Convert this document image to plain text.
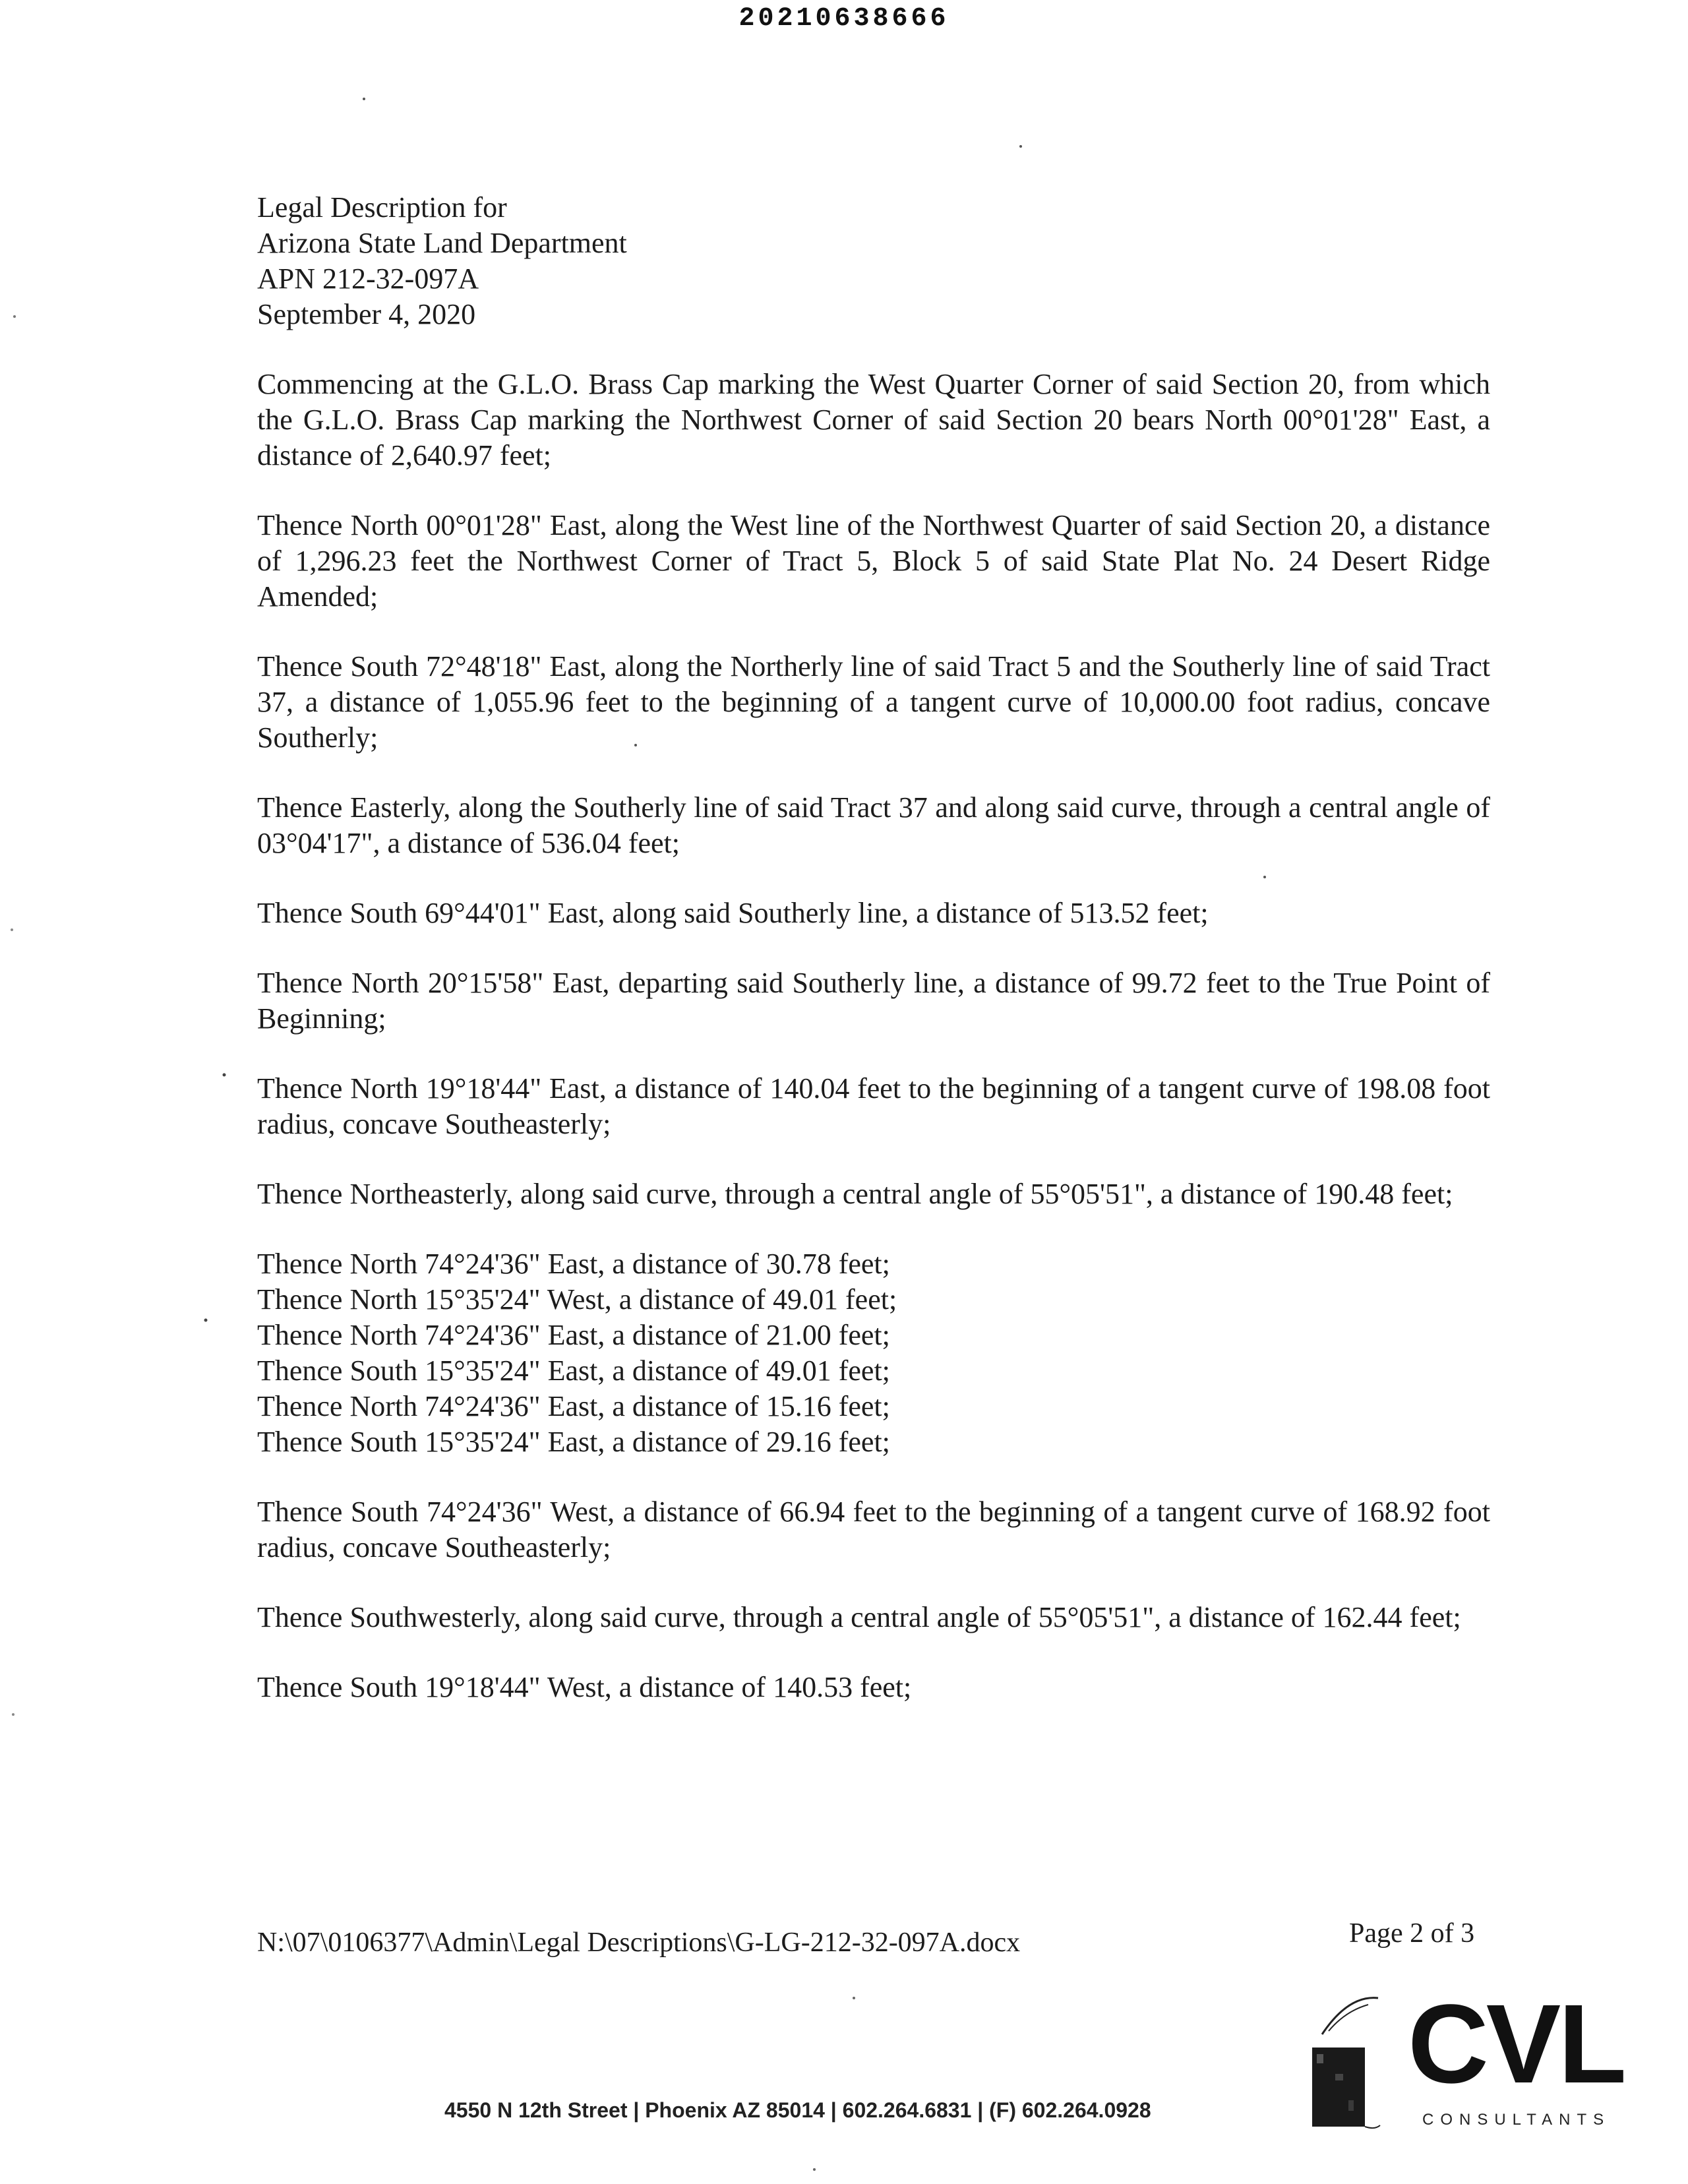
20210638666

Legal Description for

Arizona State Land Department

APN 212-32-097A

September 4, 2020

Commencing at the G.L.O. Brass Cap marking the West Quarter Corner of said Section 20, from which the G.L.O. Brass Cap marking the Northwest Corner of said Section 20 bears North 00°01'28" East, a distance of 2,640.97 feet;

Thence North 00°01'28" East, along the West line of the Northwest Quarter of said Section 20, a distance of 1,296.23 feet the Northwest Corner of Tract 5, Block 5 of said State Plat No. 24 Desert Ridge Amended;

Thence South 72°48'18" East, along the Northerly line of said Tract 5 and the Southerly line of said Tract 37, a distance of 1,055.96 feet to the beginning of a tangent curve of 10,000.00 foot radius, concave Southerly;

Thence Easterly, along the Southerly line of said Tract 37 and along said curve, through a central angle of 03°04'17", a distance of 536.04 feet;

Thence South 69°44'01" East, along said Southerly line, a distance of 513.52 feet;

Thence North 20°15'58" East, departing said Southerly line, a distance of 99.72 feet to the True Point of Beginning;

Thence North 19°18'44" East, a distance of 140.04 feet to the beginning of a tangent curve of 198.08 foot radius, concave Southeasterly;

Thence Northeasterly, along said curve, through a central angle of 55°05'51", a distance of 190.48 feet;

Thence North 74°24'36" East, a distance of 30.78 feet;

Thence North 15°35'24" West, a distance of 49.01 feet;

Thence North 74°24'36" East, a distance of 21.00 feet;

Thence South 15°35'24" East, a distance of 49.01 feet;

Thence North 74°24'36" East, a distance of 15.16 feet;

Thence South 15°35'24" East, a distance of 29.16 feet;

Thence South 74°24'36" West, a distance of 66.94 feet to the beginning of a tangent curve of 168.92 foot radius, concave Southeasterly;

Thence Southwesterly, along said curve, through a central angle of 55°05'51", a distance of 162.44 feet;

Thence South 19°18'44" West, a distance of 140.53 feet;

N:\07\0106377\Admin\Legal Descriptions\G-LG-212-32-097A.docx	Page 2 of 3
CVL
CONSULTANTS
4550 N 12th Street | Phoenix AZ 85014 | 602.264.6831 | (F) 602.264.0928
